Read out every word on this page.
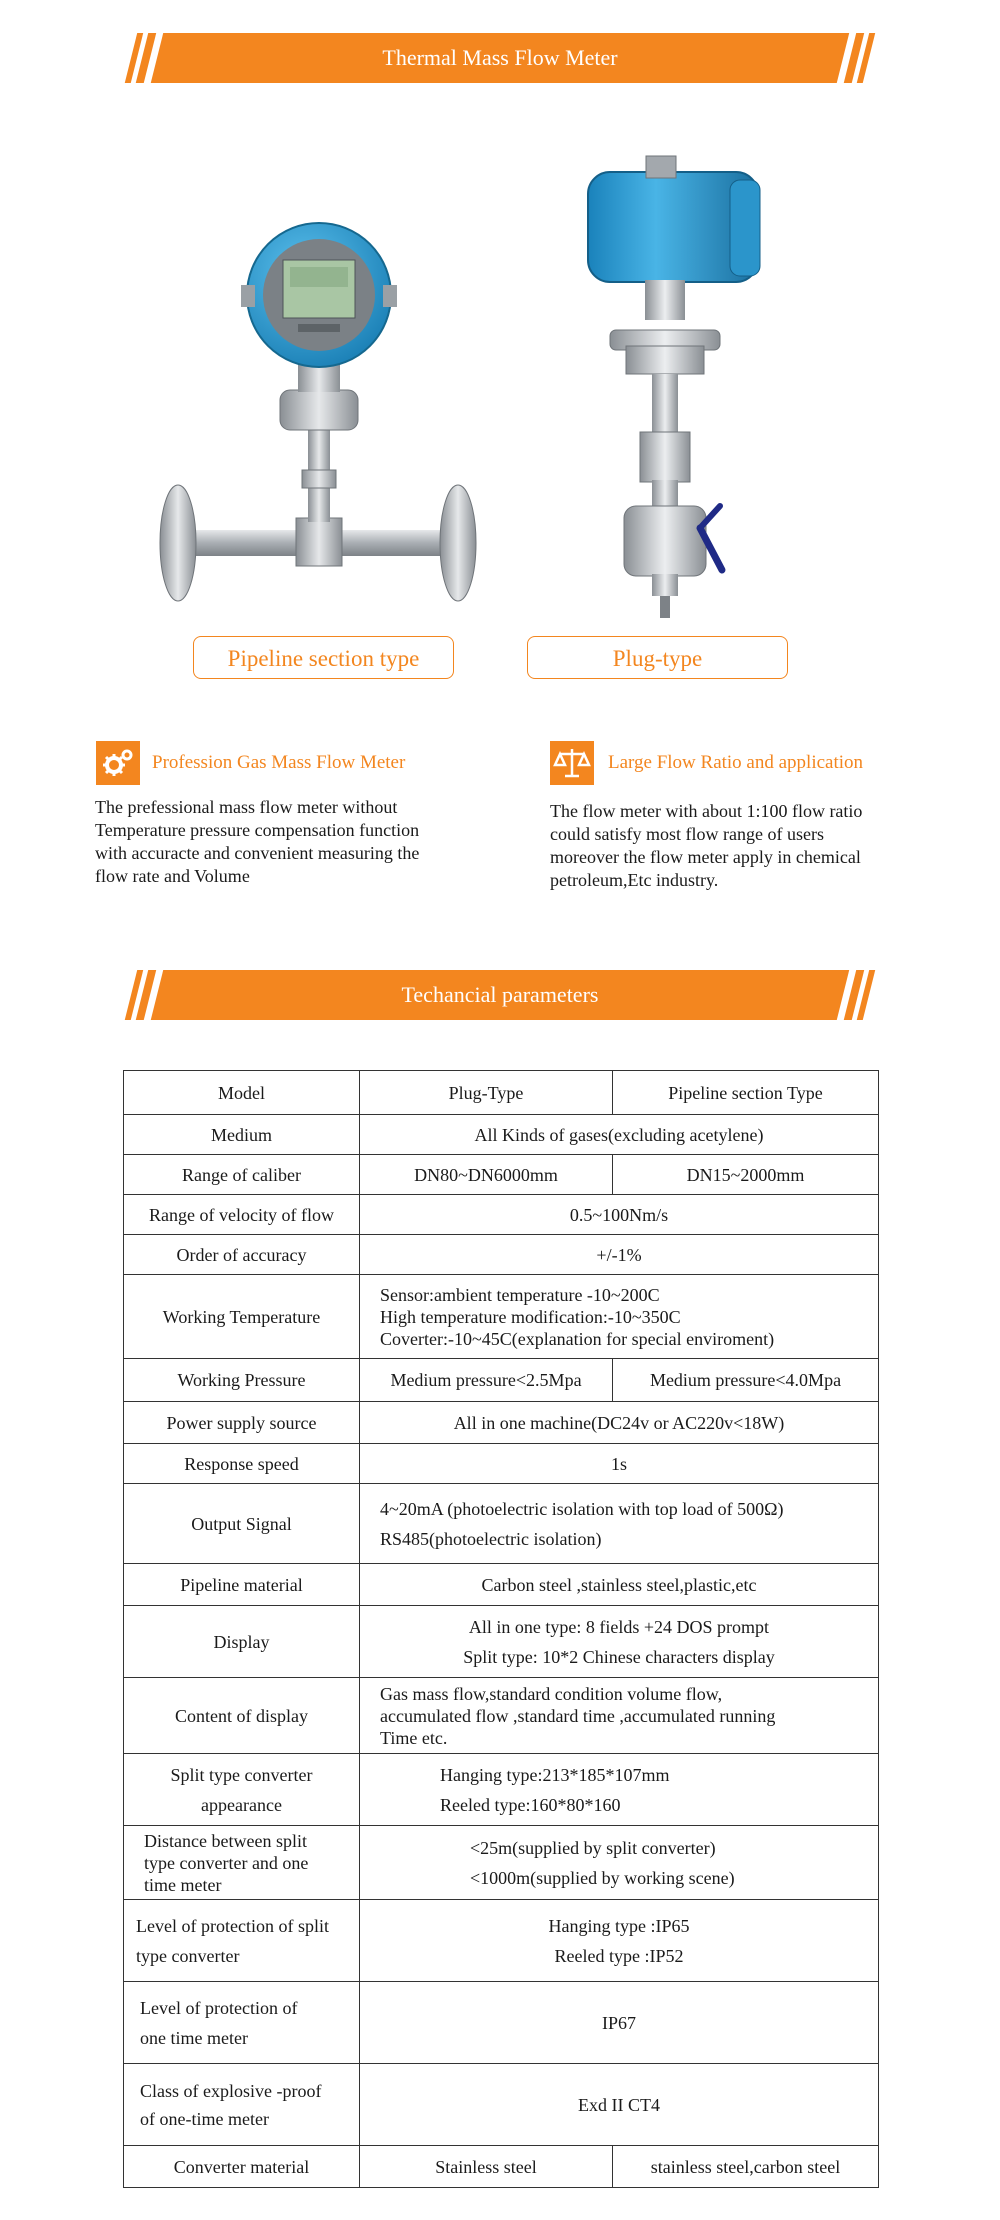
Thermal Mass Flow Meter
Pipeline section type	Plug-type
Profession Gas Mass Flow Meter
The prefessional mass flow meter without
Temperature pressure compensation function
with accuracte and convenient measuring the
flow rate and Volume
Large Flow Ratio and application
The flow meter with about 1:100 flow ratio
could satisfy most flow range of users
moreover the flow meter apply in chemical
petroleum,Etc industry.
Techancial parameters
Model	Plug-Type	Pipeline section Type
Medium	All Kinds of gases(excluding acetylene)	
Range of caliber	DN80~DN6000mm	DN15~2000mm
Range of velocity of flow	0.5~100Nm/s	
Order of accuracy	+/-1%	
Working Temperature	Sensor:ambient temperature -10~200C
High temperature modification:-10~350C
Coverter:-10~45C(explanation for special enviroment)	

Working Pressure	Medium pressure<2.5Mpa	Medium pressure<4.0Mpa
Power supply source	All in one machine(DC24v or AC220v<18W)	
Response speed	1s	
Output Signal	4~20mA (photoelectric isolation with top load of 500Ω)
RS485(photoelectric isolation)	

Pipeline material	Carbon steel ,stainless steel,plastic,etc	
Display	All in one type: 8 fields +24 DOS prompt
Split type: 10*2 Chinese characters display	

Content of display	Gas mass flow,standard condition volume flow,
accumulated flow ,standard time ,accumulated running
Time etc.	

Split type converter
appearance	Hanging type:213*185*107mm
Reeled type:160*80*160	

Distance between split
type converter and one
time meter	<25m(supplied by split converter)
<1000m(supplied by working scene)	

Level of protection of split
type converter	Hanging type :IP65
Reeled type :IP52	

Level of protection of
one time meter	IP67	

Class of explosive -proof
of one-time meter	Exd II CT4	
Converter material	Stainless steel	stainless steel,carbon steel
